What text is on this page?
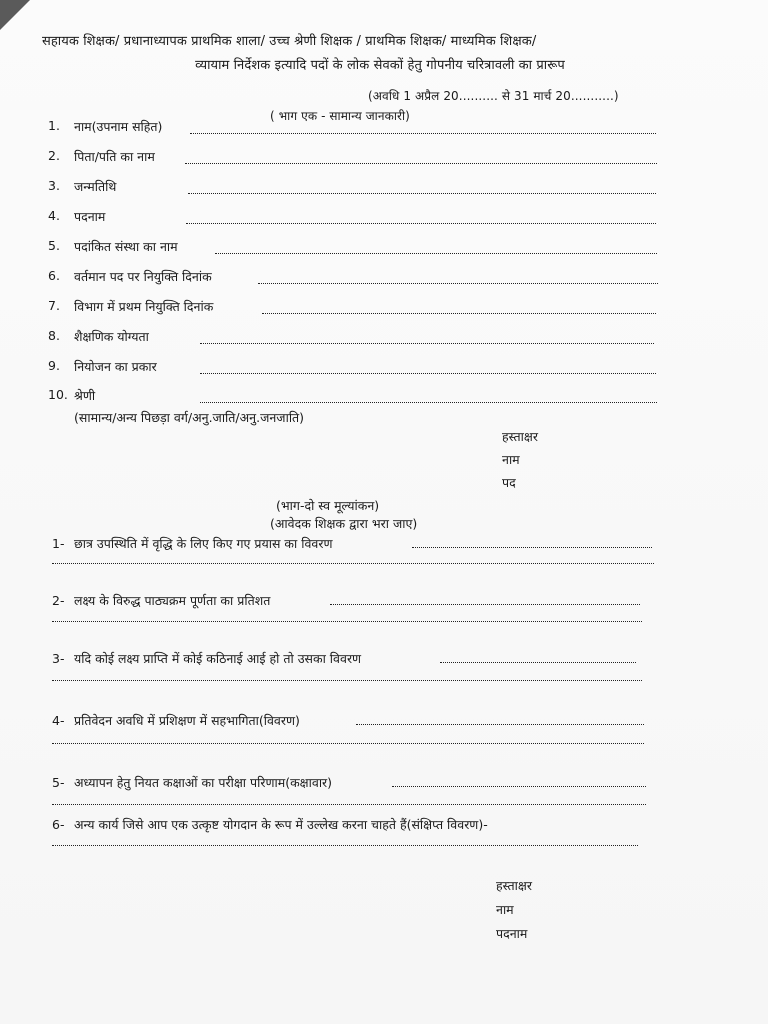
सहायक शिक्षक/ प्रधानाध्यापक प्राथमिक शाला/ उच्च श्रेणी शिक्षक / प्राथमिक शिक्षक/ माध्यमिक शिक्षक/
व्यायाम निर्देशक इत्यादि पदों के लोक सेवकों हेतु गोपनीय चरित्रावली का प्रारूप
(अवधि 1 अप्रैल 20.......... से 31 मार्च 20...........)
( भाग एक - सामान्य जानकारी)
1.	नाम(उपनाम सहित)
2.	पिता/पति का नाम
3.	जन्मतिथि
4.	पदनाम
5.	पदांकित संस्था का नाम
6.	वर्तमान पद पर नियुक्ति दिनांक
7.	विभाग में प्रथम नियुक्ति दिनांक
8.	शैक्षणिक योग्यता
9.	नियोजन का प्रकार
10. श्रेणी
(सामान्य/अन्य पिछड़ा वर्ग/अनु.जाति/अनु.जनजाति)
हस्ताक्षर
नाम
पद
(भाग-दो स्व मूल्यांकन)
(आवेदक शिक्षक द्वारा भरा जाए)
1- छात्र उपस्थिति में वृद्धि के लिए किए गए प्रयास का विवरण
2- लक्ष्य के विरुद्ध पाठ्यक्रम पूर्णता का प्रतिशत
3- यदि कोई लक्ष्य प्राप्ति में कोई कठिनाई आई हो तो उसका विवरण
4- प्रतिवेदन अवधि में प्रशिक्षण में सहभागिता(विवरण)
5- अध्यापन हेतु नियत कक्षाओं का परीक्षा परिणाम(कक्षावार)
6- अन्य कार्य जिसे आप एक उत्कृष्ट योगदान के रूप में उल्लेख करना चाहते हैं(संक्षिप्त विवरण)-
हस्ताक्षर
नाम
पदनाम
